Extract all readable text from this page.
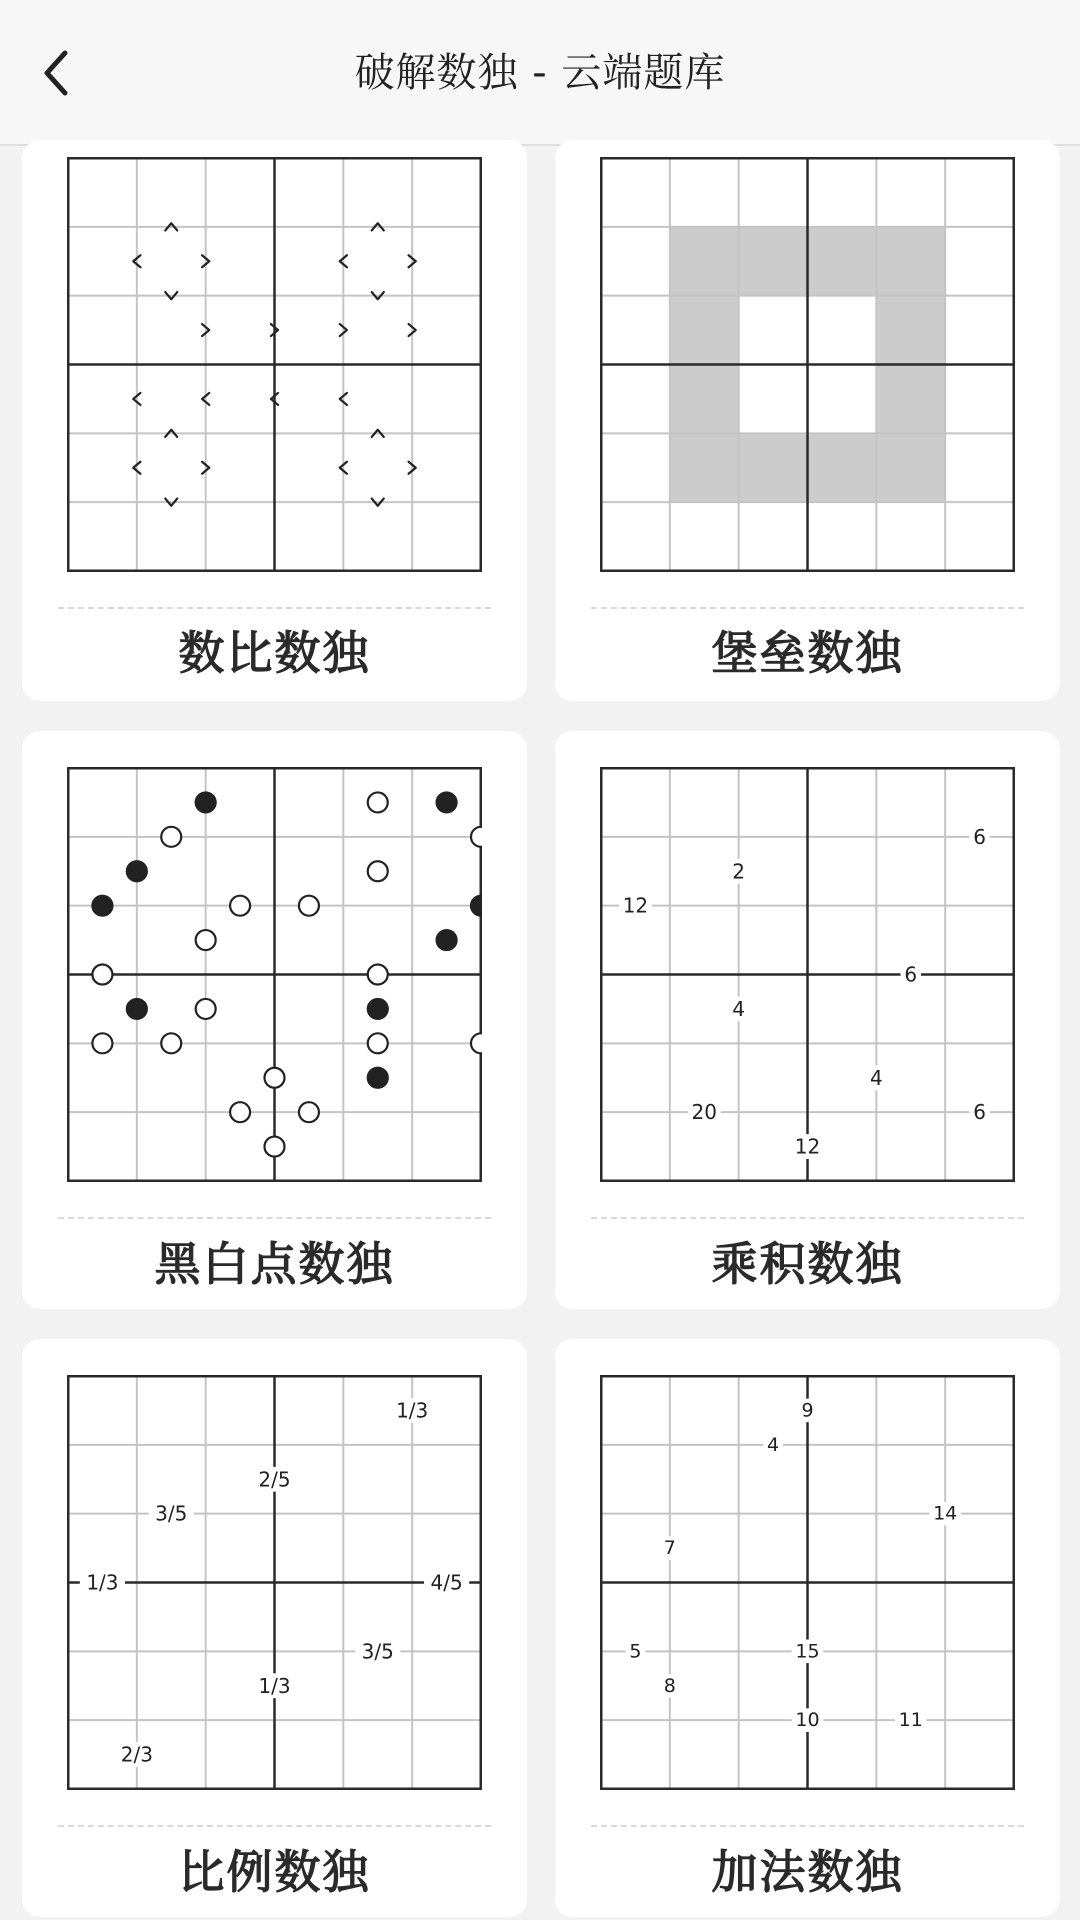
破解数独 - 云端题库
数比数独	堡垒数独
黑白点数独
6
2
12
6
4
4
20	6
12
乘积数独
1/3
2/5
3/5
1/3	4/5
3/5
1/3
2/3
比例数独
9
4
14
7
5	15
8
10	11
加法数独
